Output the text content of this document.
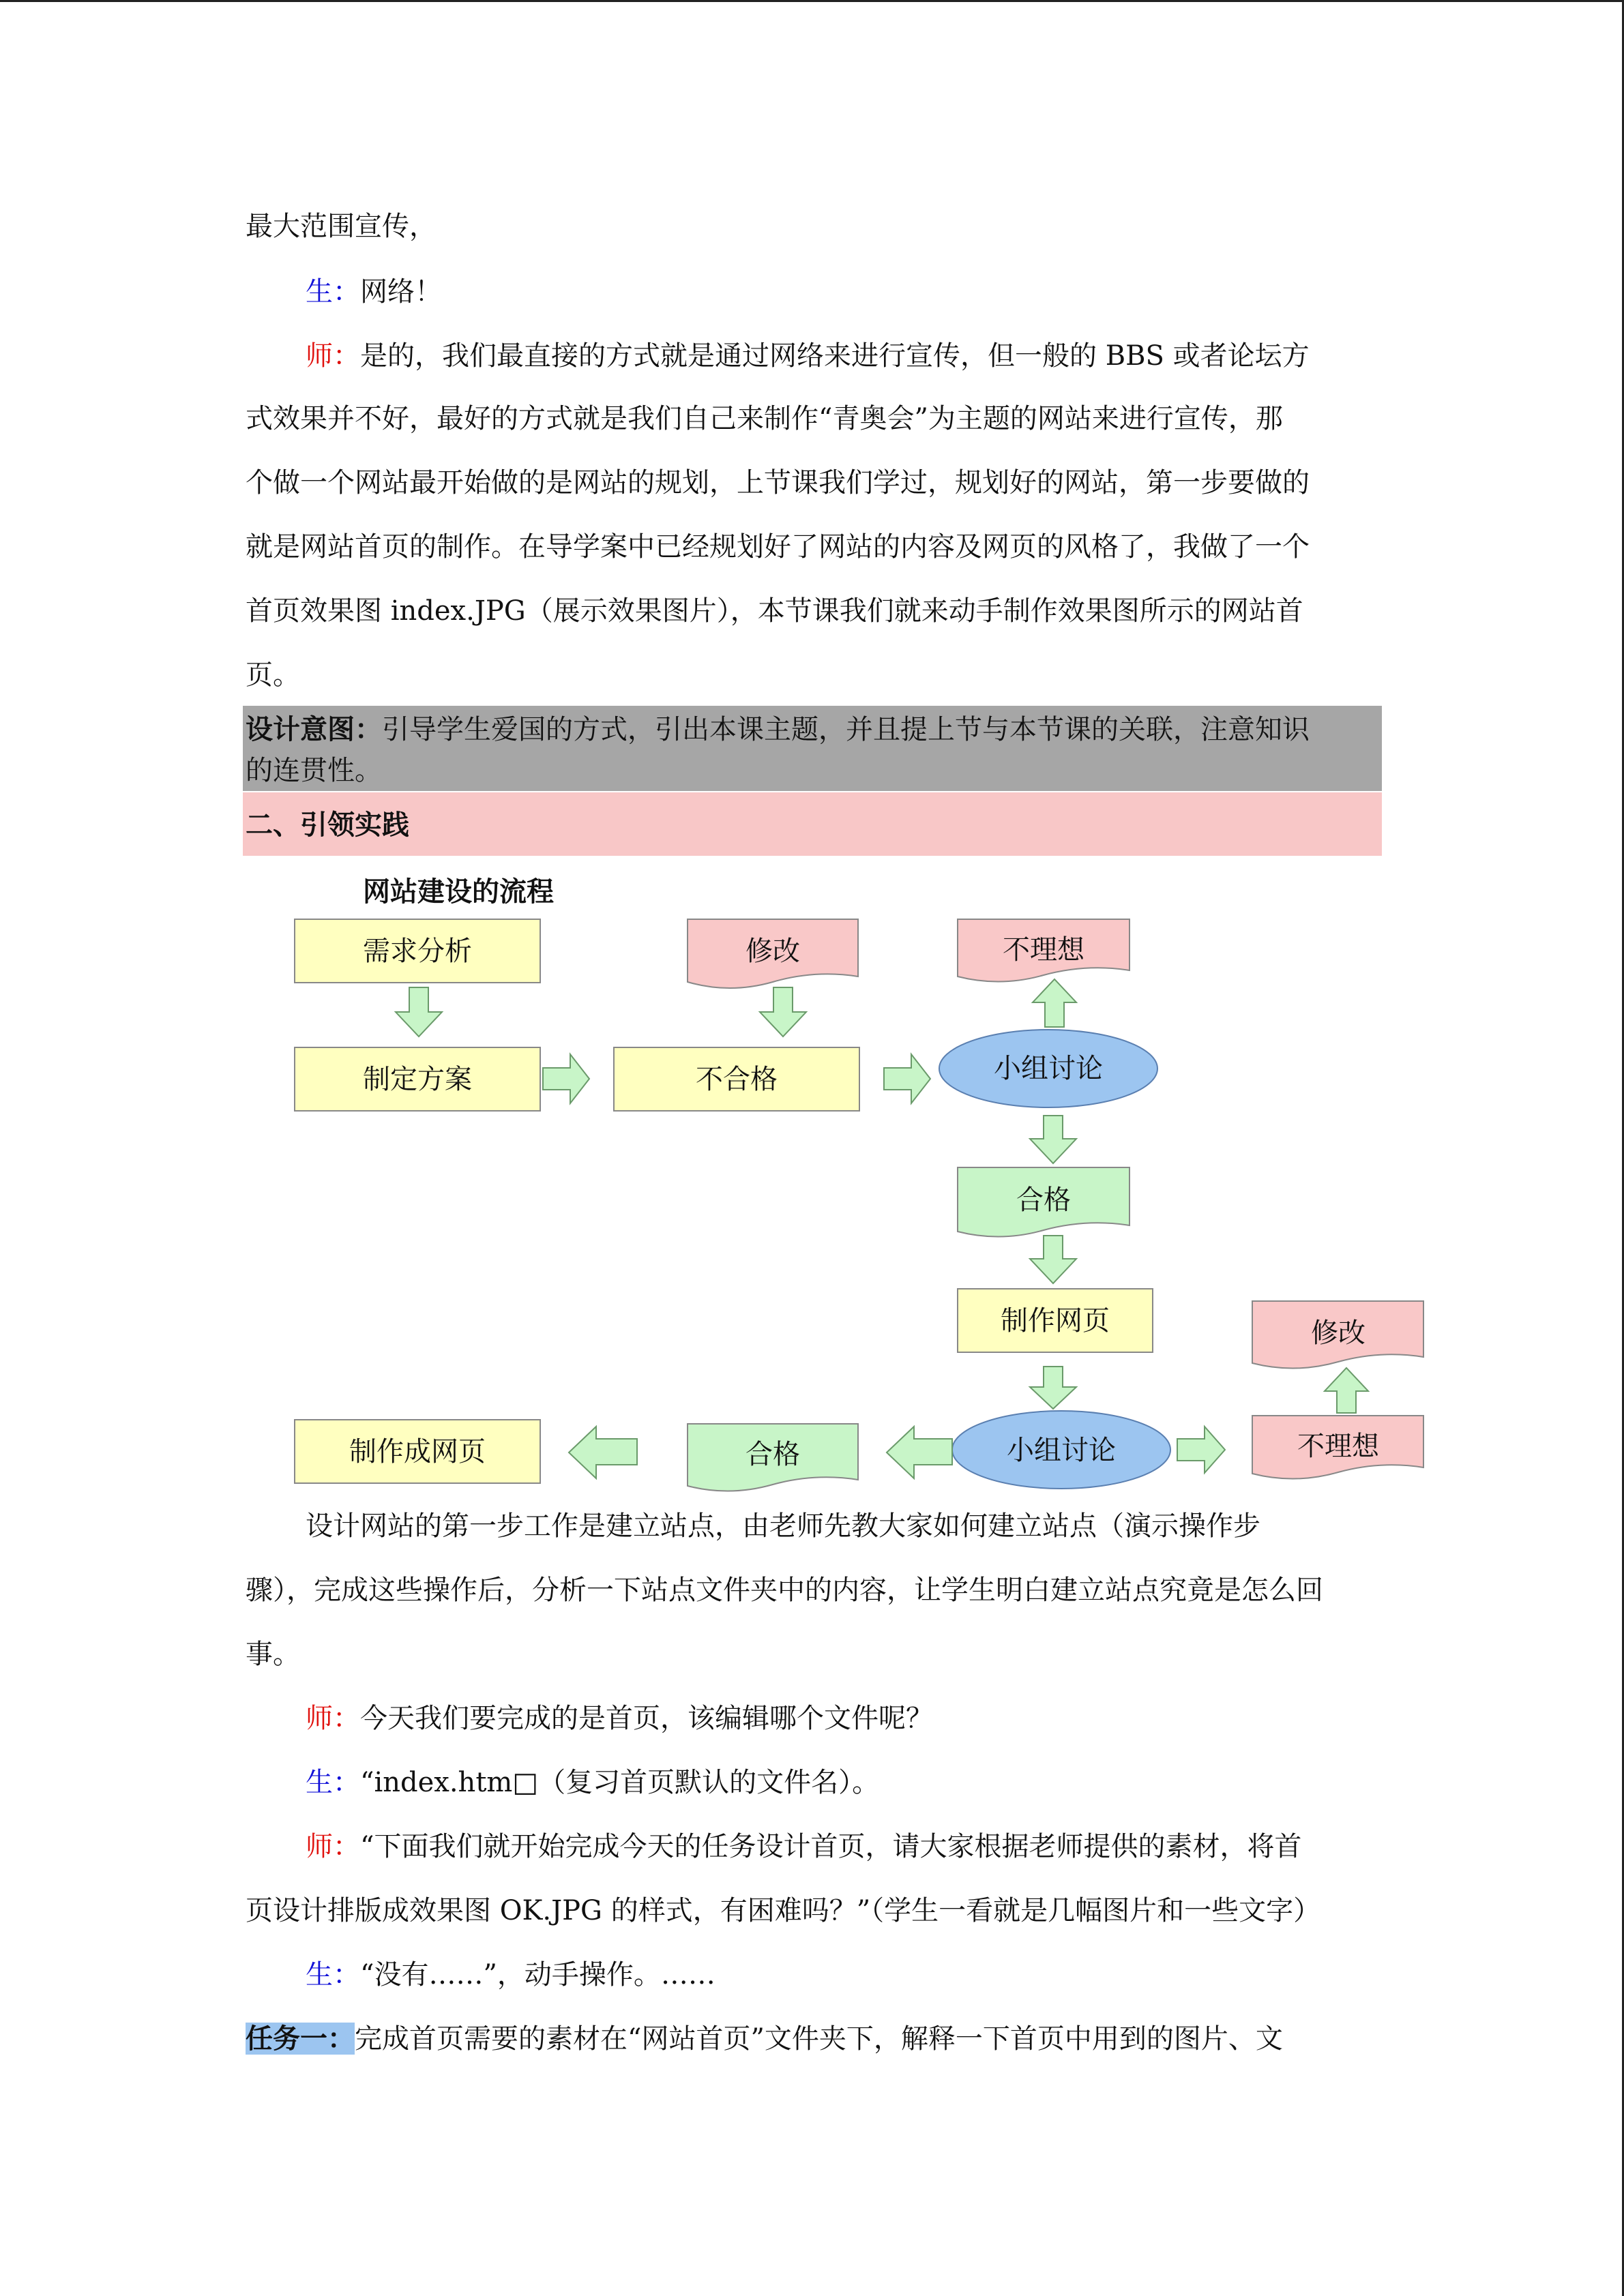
最大范围宣传，
生：网络！
师：是的，我们最直接的方式就是通过网络来进行宣传，但一般的 BBS 或者论坛方
式效果并不好，最好的方式就是我们自己来制作“青奥会”为主题的网站来进行宣传，那
个做一个网站最开始做的是网站的规划，上节课我们学过，规划好的网站，第一步要做的
就是网站首页的制作。在导学案中已经规划好了网站的内容及网页的风格了，我做了一个
首页效果图 index.JPG（展示效果图片），本节课我们就来动手制作效果图所示的网站首
页。
设计意图：引导学生爱国的方式，引出本课主题，并且提上节与本节课的关联，注意知识
的连贯性。
二、引领实践
网站建设的流程
需求分析
制定方案
修改
不合格
不理想
小组讨论
合格
制作网页	修改
小组讨论	不理想
合格
制作成网页
设计网站的第一步工作是建立站点，由老师先教大家如何建立站点（演示操作步
骤），完成这些操作后，分析一下站点文件夹中的内容，让学生明白建立站点究竟是怎么回
事。
师：今天我们要完成的是首页，该编辑哪个文件呢？
生：“index.htm□（复习首页默认的文件名）。
师：“下面我们就开始完成今天的任务设计首页，请大家根据老师提供的素材，将首
页设计排版成效果图 OK.JPG 的样式，有困难吗？”（学生一看就是几幅图片和一些文字）
生：“没有……”，动手操作。……
任务一：完成首页需要的素材在“网站首页”文件夹下，解释一下首页中用到的图片、文
